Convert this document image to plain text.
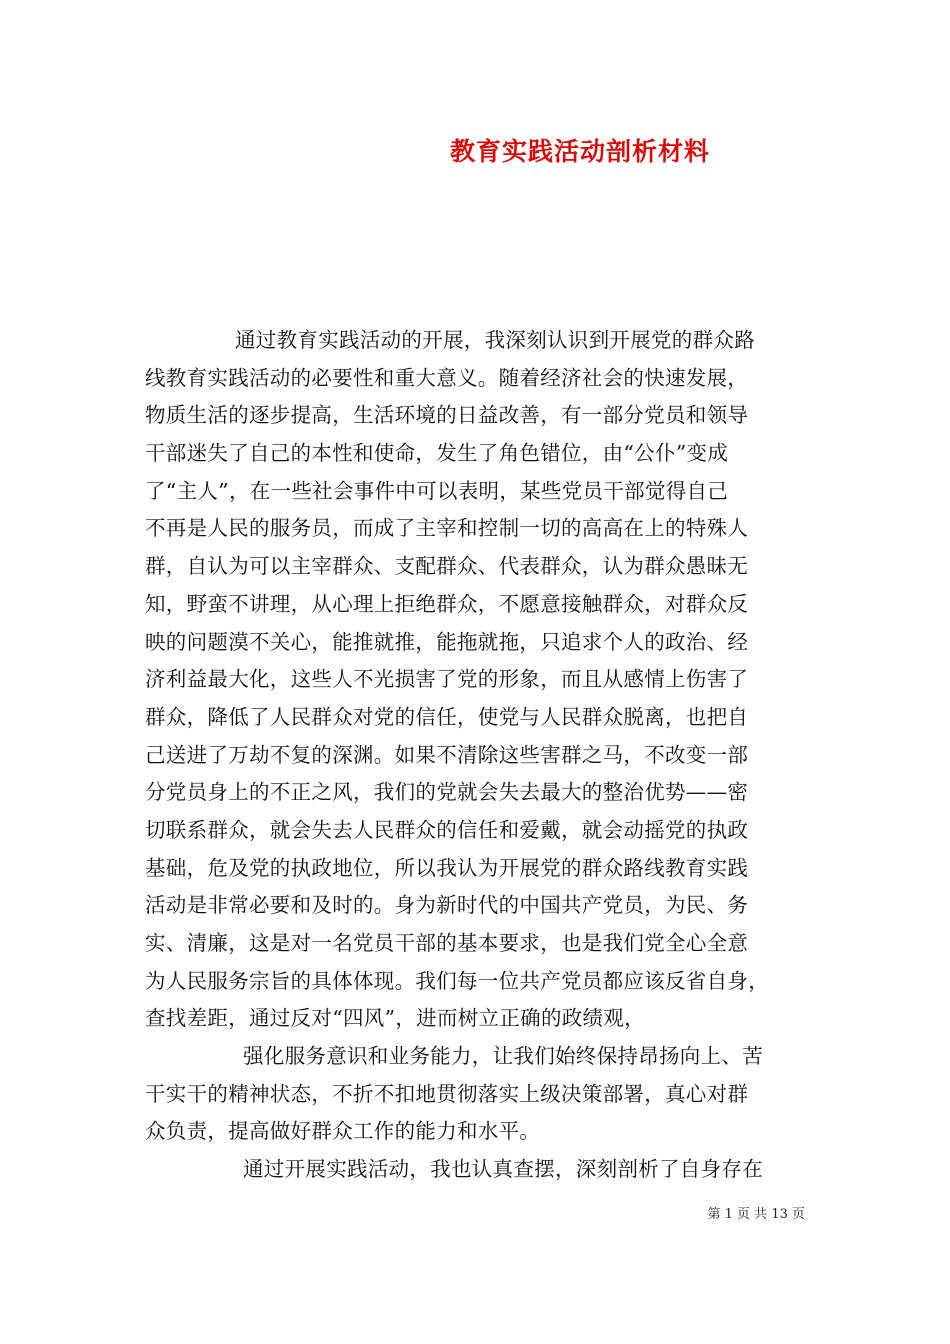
教育实践活动剖析材料
通过教育实践活动的开展，我深刻认识到开展党的群众路
线教育实践活动的必要性和重大意义。随着经济社会的快速发展，
物质生活的逐步提高，生活环境的日益改善，有一部分党员和领导
干部迷失了自己的本性和使命，发生了角色错位，由“公仆”变成
了“主人”，在一些社会事件中可以表明，某些党员干部觉得自己
不再是人民的服务员，而成了主宰和控制一切的高高在上的特殊人
群，自认为可以主宰群众、支配群众、代表群众，认为群众愚昧无
知，野蛮不讲理，从心理上拒绝群众，不愿意接触群众，对群众反
映的问题漠不关心，能推就推，能拖就拖，只追求个人的政治、经
济利益最大化，这些人不光损害了党的形象，而且从感情上伤害了
群众，降低了人民群众对党的信任，使党与人民群众脱离，也把自
己送进了万劫不复的深渊。如果不清除这些害群之马，不改变一部
分党员身上的不正之风，我们的党就会失去最大的整治优势——密
切联系群众，就会失去人民群众的信任和爱戴，就会动摇党的执政
基础，危及党的执政地位，所以我认为开展党的群众路线教育实践
活动是非常必要和及时的。身为新时代的中国共产党员，为民、务
实、清廉，这是对一名党员干部的基本要求，也是我们党全心全意
为人民服务宗旨的具体体现。我们每一位共产党员都应该反省自身，
查找差距，通过反对“四风”，进而树立正确的政绩观，
强化服务意识和业务能力，让我们始终保持昂扬向上、苦
干实干的精神状态，不折不扣地贯彻落实上级决策部署，真心对群
众负责，提高做好群众工作的能力和水平。
通过开展实践活动，我也认真查摆，深刻剖析了自身存在
第 1 页 共 13 页
